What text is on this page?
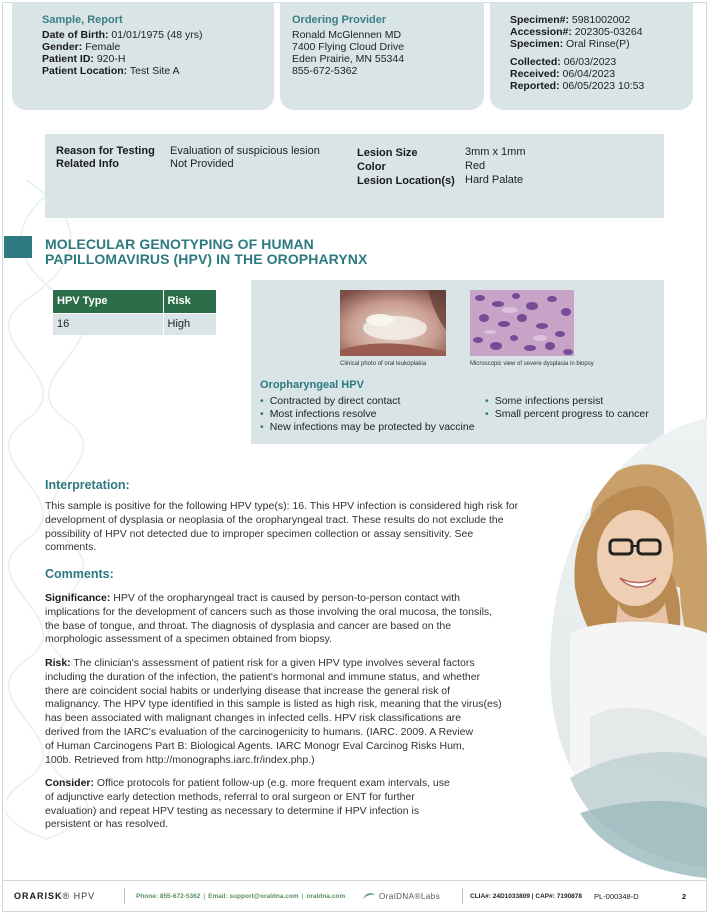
Sample, Report
Date of Birth: 01/01/1975 (48 yrs)
Gender: Female
Patient ID: 920-H
Patient Location: Test Site A
Ordering Provider
Ronald McGlennen MD
7400 Flying Cloud Drive
Eden Prairie, MN 55344
855-672-5362
Specimen#: 5981002002
Accession#: 202305-03264
Specimen: Oral Rinse(P)
Collected: 06/03/2023
Received: 06/04/2023
Reported: 06/05/2023 10:53
Reason for Testing Evaluation of suspicious lesion
Related Info	Not Provided
Lesion Size	3mm x 1mm
Color	Red
Lesion Location(s) Hard Palate
MOLECULAR GENOTYPING OF HUMAN
PAPILLOMAVIRUS (HPV) IN THE OROPHARYNX
HPV Type	Risk
16	High
Clinical photo of oral leukoplakia	Microscopic view of severe dysplasia in biopsy
Oropharyngeal HPV
• Contracted by direct contact
• Most infections resolve
• New infections may be protected by vaccine
• Some infections persist
• Small percent progress to cancer
Interpretation:
This sample is positive for the following HPV type(s): 16. This HPV infection is considered high risk for
development of dysplasia or neoplasia of the oropharyngeal tract. These results do not exclude the
possibility of HPV not detected due to improper specimen collection or assay sensitivity. See
comments.
Comments:
Significance: HPV of the oropharyngeal tract is caused by person-to-person contact with
implications for the development of cancers such as those involving the oral mucosa, the tonsils,
the base of tongue, and throat. The diagnosis of dysplasia and cancer are based on the
morphologic assessment of a specimen obtained from biopsy.
Risk: The clinician's assessment of patient risk for a given HPV type involves several factors
including the duration of the infection, the patient's hormonal and immune status, and whether
there are coincident social habits or underlying disease that increase the general risk of
malignancy. The HPV type identified in this sample is listed as high risk, meaning that the virus(es)
has been associated with malignant changes in infected cells. HPV risk classifications are
derived from the IARC's evaluation of the carcinogenicity to humans. (IARC. 2009. A Review
of Human Carcinogens Part B: Biological Agents. IARC Monogr Eval Carcinog Risks Hum,
100b. Retrieved from http://monographs.iarc.fr/index.php.)
Consider: Office protocols for patient follow-up (e.g. more frequent exam intervals, use
of adjunctive early detection methods, referral to oral surgeon or ENT for further
evaluation) and repeat HPV testing as necessary to determine if HPV infection is
persistent or has resolved.
ORARISK ® HPV	Phone: 855-672-5362 | Email: support@oraldna.com | oraldna.com	OralDNA®Labs	CLIA#: 24D1033809 | CAP#: 7190878 PL-000348-D	2
